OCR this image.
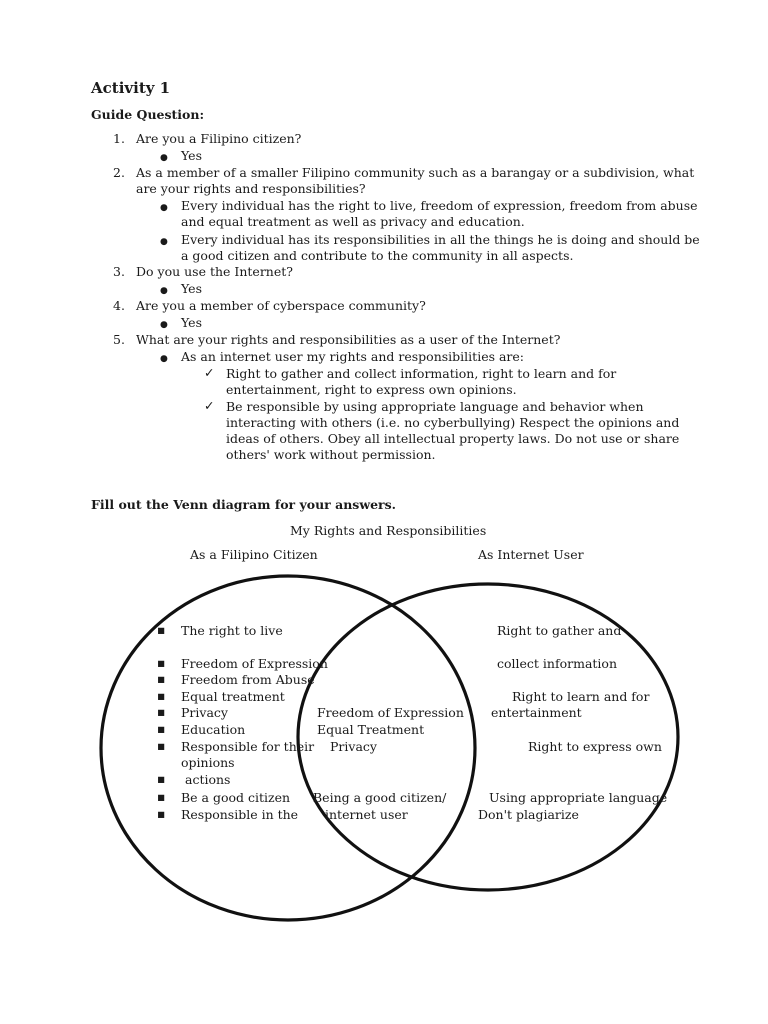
Activity 1
Guide Question:
1. Are you a Filipino citizen?
● Yes
2. As a member of a smaller Filipino community such as a barangay or a subdivision, what
are your rights and responsibilities?
● Every individual has the right to live, freedom of expression, freedom from abuse
and equal treatment as well as privacy and education.
● Every individual has its responsibilities in all the things he is doing and should be
a good citizen and contribute to the community in all aspects.
3. Do you use the Internet?
● Yes
4. Are you a member of cyberspace community?
● Yes
5. What are your rights and responsibilities as a user of the Internet?
● As an internet user my rights and responsibilities are:
✓ Right to gather and collect information, right to learn and for
entertainment, right to express own opinions.
✓ Be responsible by using appropriate language and behavior when
interacting with others (i.e. no cyberbullying) Respect the opinions and
ideas of others. Obey all intellectual property laws. Do not use or share
others' work without permission.
Fill out the Venn diagram for your answers.
My Rights and Responsibilities
As a Filipino Citizen	As Internet User
▪ The right to live
▪ Freedom of Expression
▪ Freedom from Abuse
▪ Equal treatment
▪ Privacy
▪ Education
▪ Responsible for their
opinions
▪ actions
▪ Be a good citizen
▪ Responsible in the
Freedom of Expression
Equal Treatment
Privacy
Being a good citizen/
internet user
Right to gather and
collect information
Right to learn and for
entertainment
Right to express own
Using appropriate language
Don't plagiarize
